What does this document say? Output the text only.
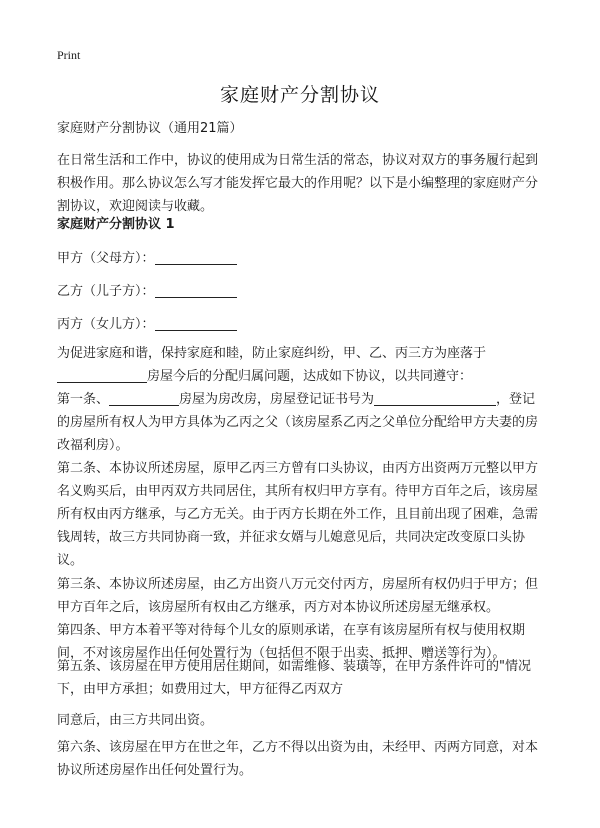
Print
家庭财产分割协议
家庭财产分割协议（通用21篇）
在日常生活和工作中，协议的使用成为日常生活的常态，协议对双方的事务履行起到积极作用。那么协议怎么写才能发挥它最大的作用呢？以下是小编整理的家庭财产分割协议，欢迎阅读与收藏。
家庭财产分割协议 1
甲方（父母方）：
乙方（儿子方）：
丙方（女儿方）：
为促进家庭和谐，保持家庭和睦，防止家庭纠纷，甲、乙、丙三方为座落于房屋今后的分配归属问题，达成如下协议，以共同遵守：
第一条、	房屋为房改房，房屋登记证书号为	，登记的房屋所有权人为甲方具体为乙丙之父（该房屋系乙丙之父单位分配给甲方夫妻的房改福利房）。
第二条、本协议所述房屋，原甲乙丙三方曾有口头协议，由丙方出资两万元整以甲方名义购买后，由甲丙双方共同居住，其所有权归甲方享有。待甲方百年之后，该房屋所有权由丙方继承，与乙方无关。由于丙方长期在外工作，且目前出现了困难，急需钱周转，故三方共同协商一致，并征求女婿与儿媳意见后，共同决定改变原口头协议。
第三条、本协议所述房屋，由乙方出资八万元交付丙方，房屋所有权仍归于甲方；但甲方百年之后，该房屋所有权由乙方继承，丙方对本协议所述房屋无继承权。
第四条、甲方本着平等对待每个儿女的原则承诺，在享有该房屋所有权与使用权期间，不对该房屋作出任何处置行为（包括但不限于出卖、抵押、赠送等行为）。
第五条、该房屋在甲方使用居住期间，如需维修、装璜等，在甲方条件许可的"情况下，由甲方承担；如费用过大，甲方征得乙丙双方
同意后，由三方共同出资。
第六条、该房屋在甲方在世之年，乙方不得以出资为由，未经甲、丙两方同意，对本协议所述房屋作出任何处置行为。
